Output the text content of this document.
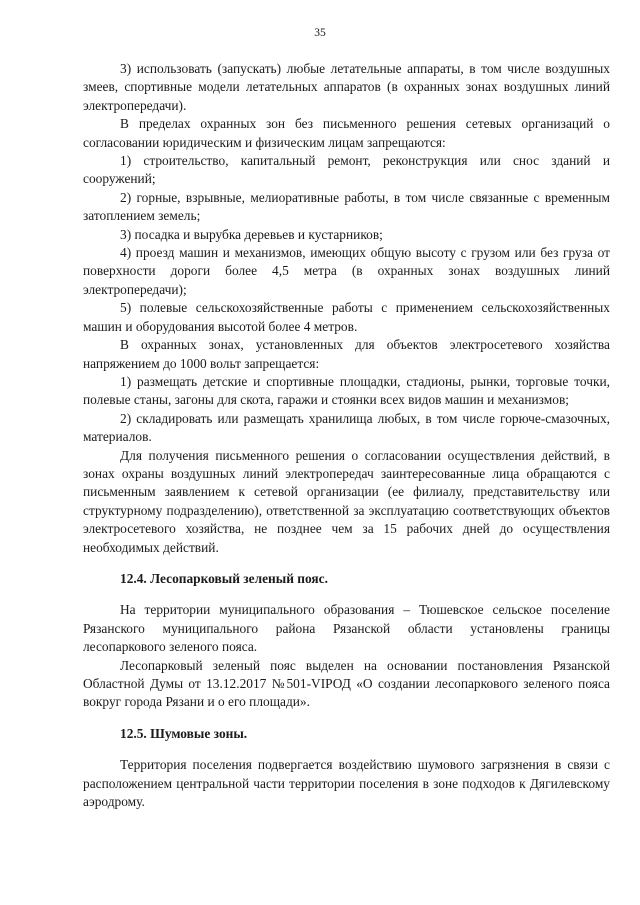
35

3) использовать (запускать) любые летательные аппараты, в том числе воздушных змеев, спортивные модели летательных аппаратов (в охранных зонах воздушных линий электропередачи).

В пределах охранных зон без письменного решения сетевых организаций о согласовании юридическим и физическим лицам запрещаются:

1) строительство, капитальный ремонт, реконструкция или снос зданий и сооружений;

2) горные, взрывные, мелиоративные работы, в том числе связанные с временным затоплением земель;

3) посадка и вырубка деревьев и кустарников;

4) проезд машин и механизмов, имеющих общую высоту с грузом или без груза от поверхности дороги более 4,5 метра (в охранных зонах воздушных линий электропередачи);

5) полевые сельскохозяйственные работы с применением сельскохозяйственных машин и оборудования высотой более 4 метров.

В охранных зонах, установленных для объектов электросетевого хозяйства напряжением до 1000 вольт запрещается:

1) размещать детские и спортивные площадки, стадионы, рынки, торговые точки, полевые станы, загоны для скота, гаражи и стоянки всех видов машин и механизмов;

2) складировать или размещать хранилища любых, в том числе горюче-смазочных, материалов.

Для получения письменного решения о согласовании осуществления действий, в зонах охраны воздушных линий электропередач заинтересованные лица обращаются с письменным заявлением к сетевой организации (ее филиалу, представительству или структурному подразделению), ответственной за эксплуатацию соответствующих объектов электросетевого хозяйства, не позднее чем за 15 рабочих дней до осуществления необходимых действий.

12.4. Лесопарковый зеленый пояс.

На территории муниципального образования – Тюшевское сельское поселение Рязанского муниципального района Рязанской области установлены границы лесопаркового зеленого пояса.

Лесопарковый зеленый пояс выделен на основании постановления Рязанской Областной Думы от 13.12.2017 №501-VIРОД «О создании лесопаркового зеленого пояса вокруг города Рязани и о его площади».

12.5. Шумовые зоны.

Территория поселения подвергается воздействию шумового загрязнения в связи с расположением центральной части территории поселения в зоне подходов к Дягилевскому аэродрому.
